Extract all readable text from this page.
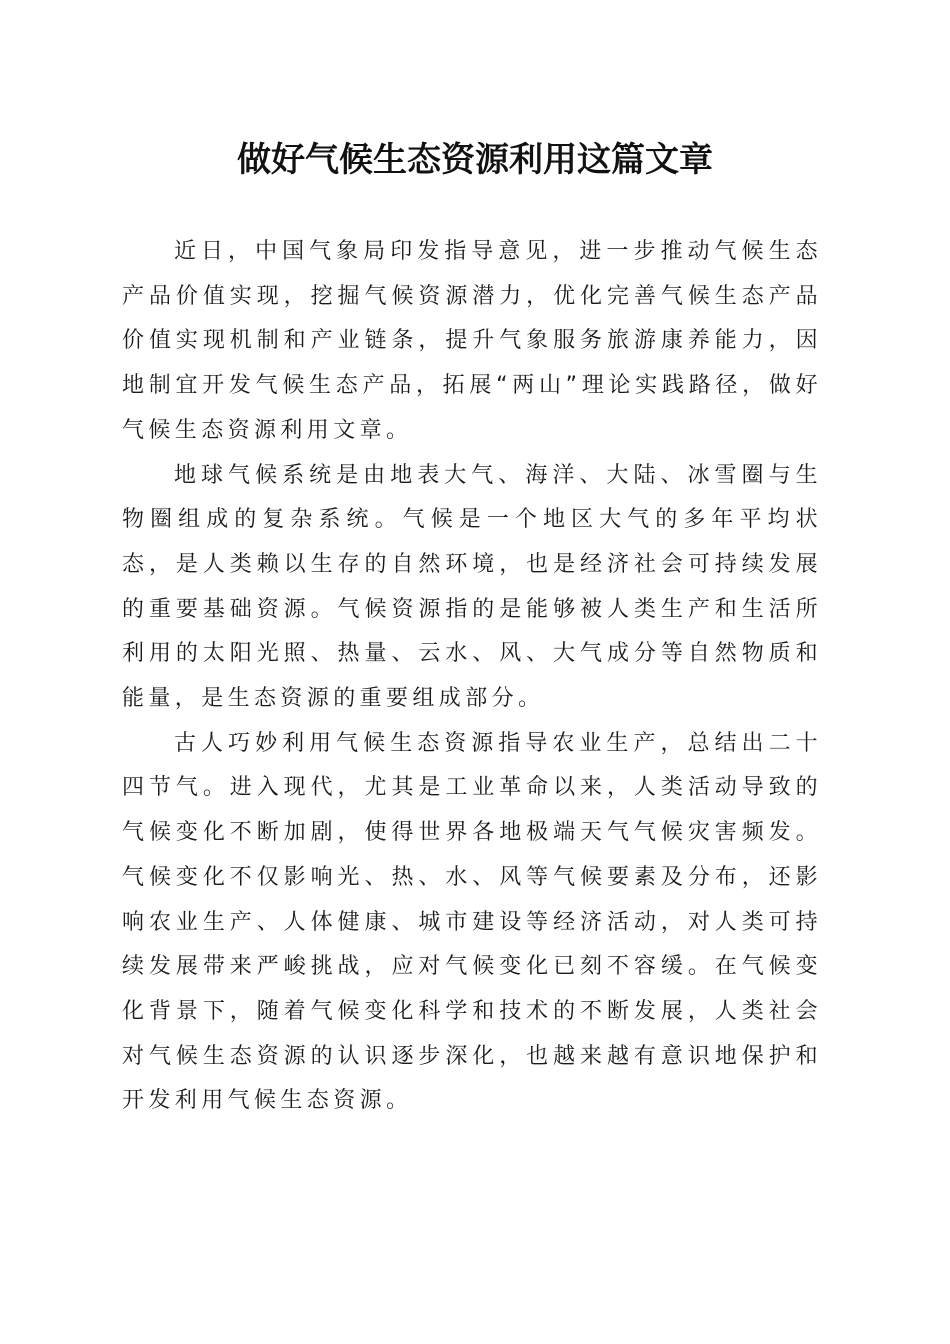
做好气候生态资源利用这篇文章

近日，中国气象局印发指导意见，进一步推动气候生态产品价值实现，挖掘气候资源潜力，优化完善气候生态产品价值实现机制和产业链条，提升气象服务旅游康养能力，因地制宜开发气候生态产品，拓展“两山”理论实践路径，做好气候生态资源利用文章。

地球气候系统是由地表大气、海洋、大陆、冰雪圈与生物圈组成的复杂系统。气候是一个地区大气的多年平均状态，是人类赖以生存的自然环境，也是经济社会可持续发展的重要基础资源。气候资源指的是能够被人类生产和生活所利用的太阳光照、热量、云水、风、大气成分等自然物质和能量，是生态资源的重要组成部分。

古人巧妙利用气候生态资源指导农业生产，总结出二十四节气。进入现代，尤其是工业革命以来，人类活动导致的气候变化不断加剧，使得世界各地极端天气气候灾害频发。气候变化不仅影响光、热、水、风等气候要素及分布，还影响农业生产、人体健康、城市建设等经济活动，对人类可持续发展带来严峻挑战，应对气候变化已刻不容缓。在气候变化背景下，随着气候变化科学和技术的不断发展，人类社会对气候生态资源的认识逐步深化，也越来越有意识地保护和开发利用气候生态资源。
